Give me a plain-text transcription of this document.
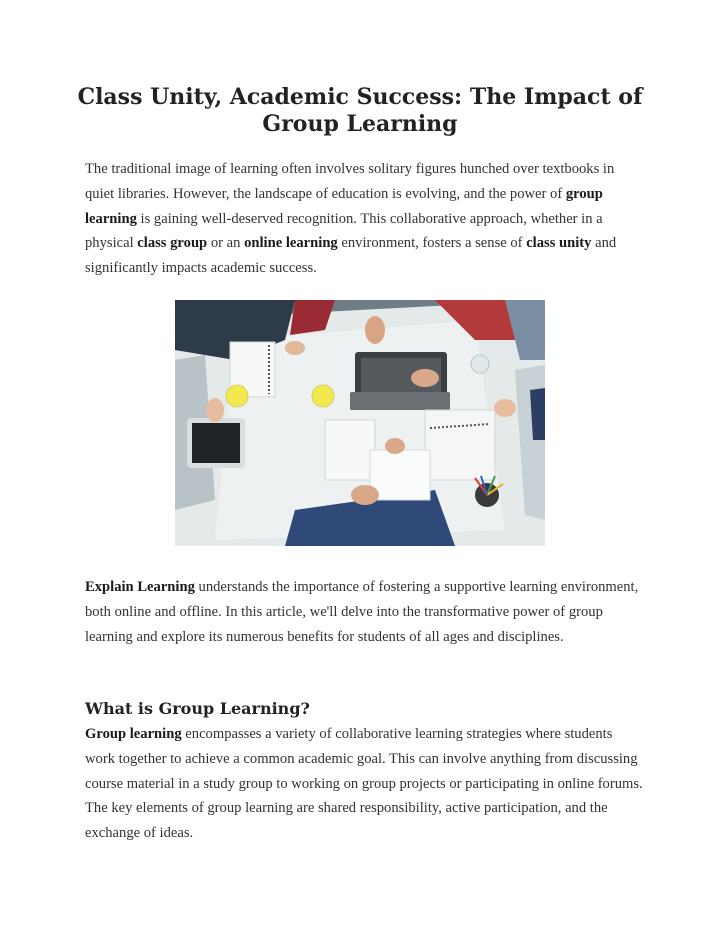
Class Unity, Academic Success: The Impact of
Group Learning

The traditional image of learning often involves solitary figures hunched over textbooks in quiet libraries. However, the landscape of education is evolving, and the power of group learning is gaining well-deserved recognition. This collaborative approach, whether in a physical class group or an online learning environment, fosters a sense of class unity and significantly impacts academic success.

Explain Learning understands the importance of fostering a supportive learning environment, both online and offline. In this article, we'll delve into the transformative power of group learning and explore its numerous benefits for students of all ages and disciplines.

What is Group Learning?

Group learning encompasses a variety of collaborative learning strategies where students work together to achieve a common academic goal. This can involve anything from discussing course material in a study group to working on group projects or participating in online forums. The key elements of group learning are shared responsibility, active participation, and the exchange of ideas.
